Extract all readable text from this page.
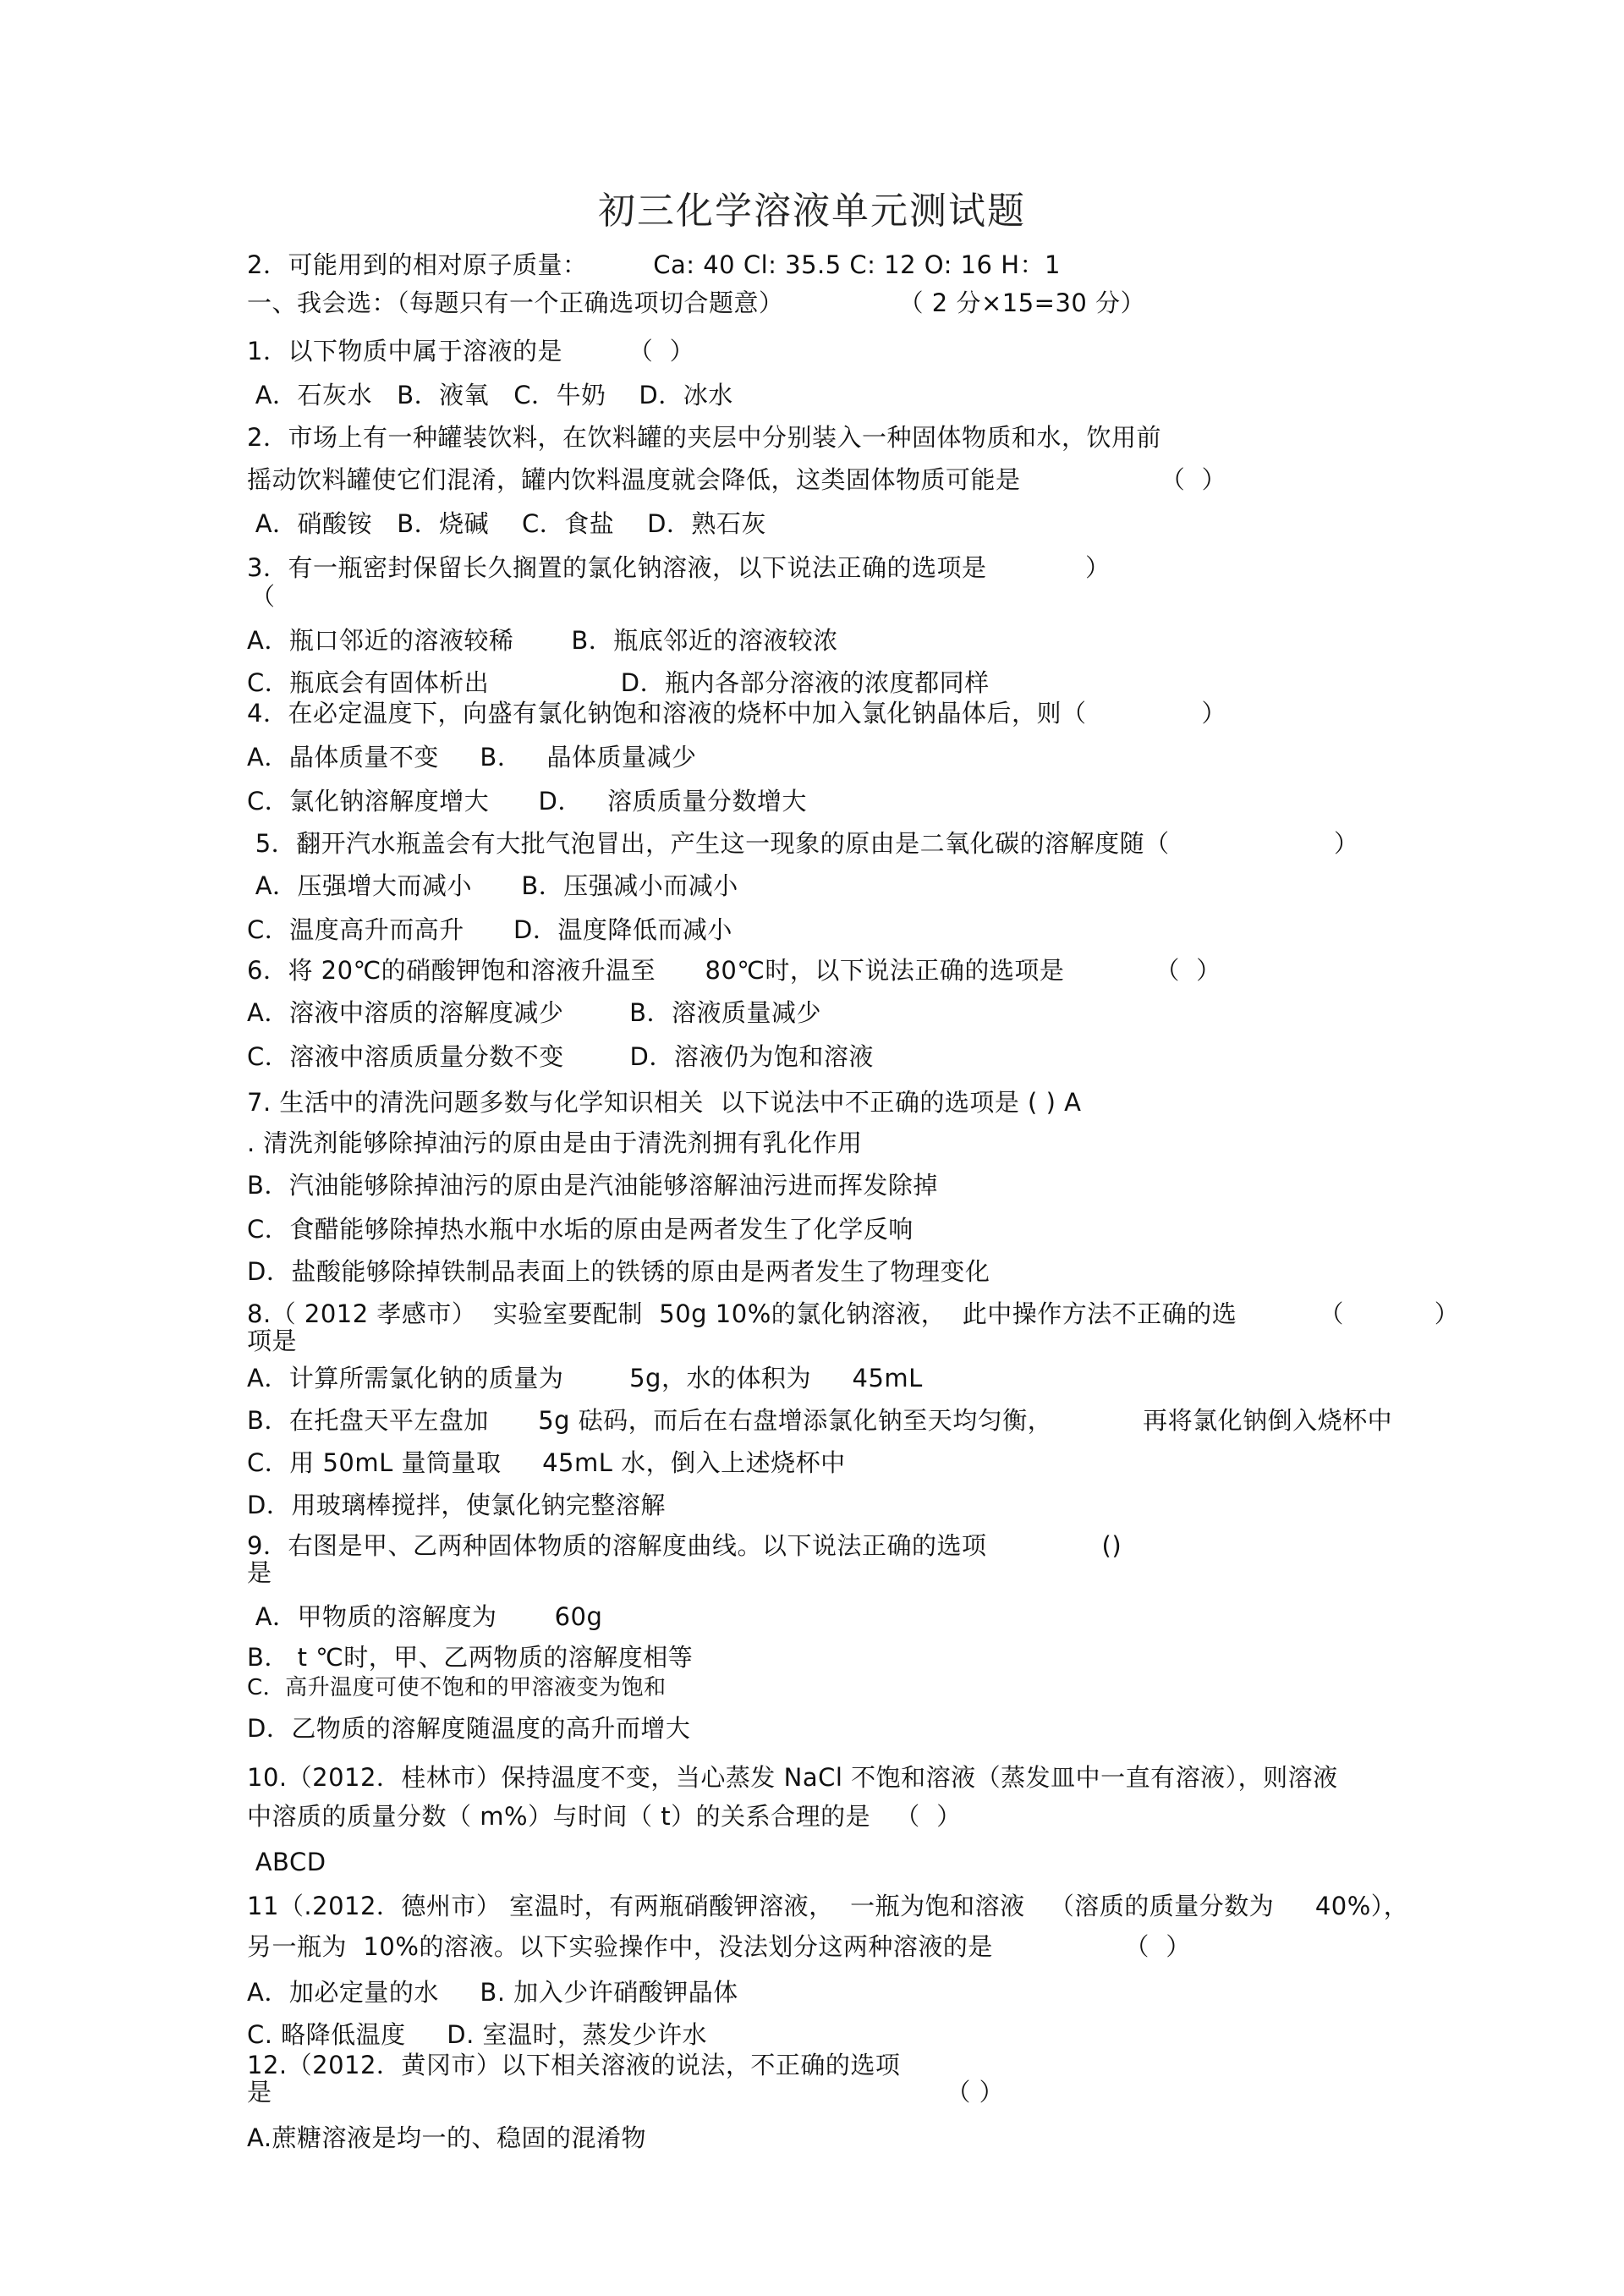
初三化学溶液单元测试题
2．可能用到的相对原子质量：        Ca: 40 Cl: 35.5 C: 12 O: 16 H：1
一、我会选：（每题只有一个正确选项切合题意）              （ 2 分×15=30 分）
1．以下物质中属于溶液的是        （  ）
A．石灰水   B．液氧   C．牛奶    D．冰水
2．市场上有一种罐装饮料，在饮料罐的夹层中分别装入一种固体物质和水，饮用前
摇动饮料罐使它们混淆，罐内饮料温度就会降低，这类固体物质可能是                 （  ）
A．硝酸铵   B．烧碱    C．食盐    D．熟石灰
3．有一瓶密封保留长久搁置的氯化钠溶液，以下说法正确的选项是            ）
（
A．瓶口邻近的溶液较稀       B．瓶底邻近的溶液较浓
C．瓶底会有固体析出                D．瓶内各部分溶液的浓度都同样
4．在必定温度下，向盛有氯化钠饱和溶液的烧杯中加入氯化钠晶体后，则（              ）
A．晶体质量不变     B．   晶体质量减少
C．氯化钠溶解度增大      D．   溶质质量分数增大
5．翻开汽水瓶盖会有大批气泡冒出，产生这一现象的原由是二氧化碳的溶解度随（                    ）
A．压强增大而减小      B．压强减小而减小
C．温度高升而高升      D．温度降低而减小
6．将 20℃的硝酸钾饱和溶液升温至      80℃时，以下说法正确的选项是           （  ）
A．溶液中溶质的溶解度减少        B．溶液质量减少
C．溶液中溶质质量分数不变        D．溶液仍为饱和溶液
7. 生活中的清洗问题多数与化学知识相关  以下说法中不正确的选项是 ( ) A
. 清洗剂能够除掉油污的原由是由于清洗剂拥有乳化作用
B．汽油能够除掉油污的原由是汽油能够溶解油污进而挥发除掉
C．食醋能够除掉热水瓶中水垢的原由是两者发生了化学反响
D．盐酸能够除掉铁制品表面上的铁锈的原由是两者发生了物理变化
8.（ 2012 孝感市）  实验室要配制  50g 10%的氯化钠溶液，  此中操作方法不正确的选          （           ）
项是
A．计算所需氯化钠的质量为        5g，水的体积为     45mL
B．在托盘天平左盘加      5g 砝码，而后在右盘增添氯化钠至天均匀衡，           再将氯化钠倒入烧杯中
C．用 50mL 量筒量取     45mL 水，倒入上述烧杯中
D．用玻璃棒搅拌，使氯化钠完整溶解
9．右图是甲、乙两种固体物质的溶解度曲线。以下说法正确的选项              ()
是
A．甲物质的溶解度为       60g
B． t ℃时，甲、乙两物质的溶解度相等
C．高升温度可使不饱和的甲溶液变为饱和
D．乙物质的溶解度随温度的高升而增大
10.（2012．桂林市）保持温度不变，当心蒸发 NaCl 不饱和溶液（蒸发皿中一直有溶液），则溶液
中溶质的质量分数（ m%）与时间（ t）的关系合理的是   （  ）
ABCD
11（.2012．德州市） 室温时，有两瓶硝酸钾溶液，  一瓶为饱和溶液   （溶质的质量分数为     40%），
另一瓶为  10%的溶液。以下实验操作中，没法划分这两种溶液的是                （  ）
A．加必定量的水     B. 加入少许硝酸钾晶体
C. 略降低温度     D. 室温时，蒸发少许水
12.（2012．黄冈市）以下相关溶液的说法，不正确的选项
是                                                                                  （ ）
A.蔗糖溶液是均一的、稳固的混淆物
